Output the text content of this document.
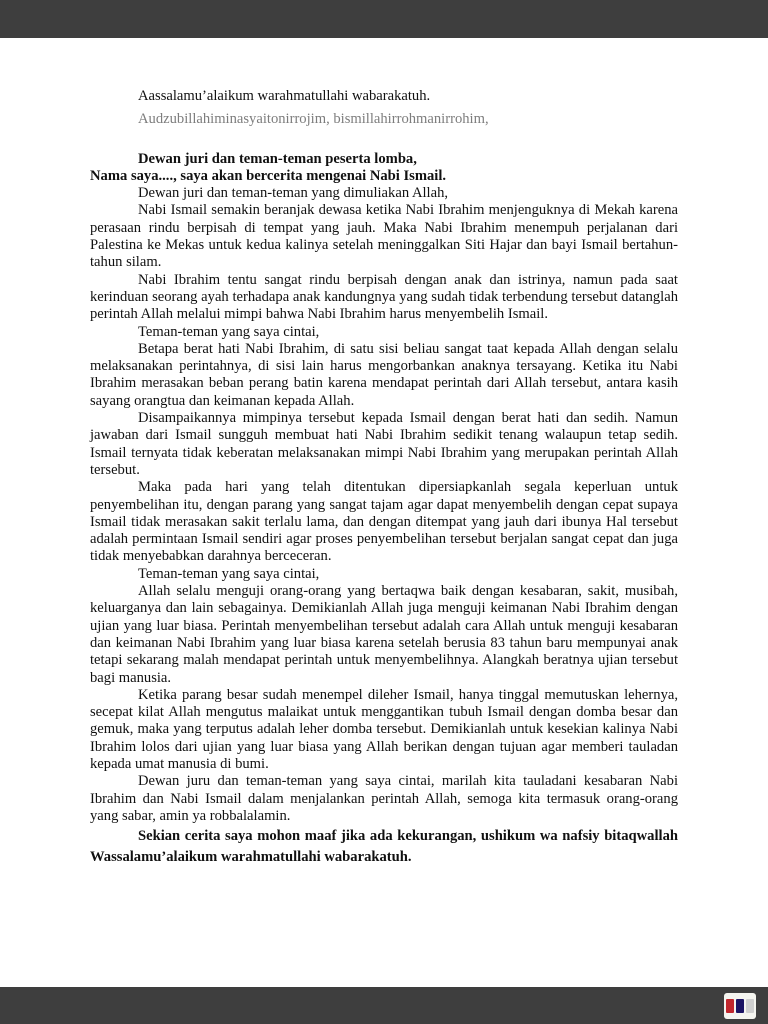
Aassalamu’alaikum warahmatullahi wabarakatuh.

Audzubillahiminasyaitonirrojim, bismillahirrohmanirrohim,

Dewan juri dan teman-teman peserta lomba,

Nama saya...., saya akan bercerita mengenai Nabi Ismail.

Dewan juri dan teman-teman yang dimuliakan Allah,

Nabi Ismail semakin beranjak dewasa ketika Nabi Ibrahim menjenguknya di Mekah karena perasaan rindu berpisah di tempat yang jauh. Maka Nabi Ibrahim menempuh perjalanan dari Palestina ke Mekas untuk kedua kalinya setelah meninggalkan Siti Hajar dan bayi Ismail bertahun-tahun silam.

Nabi Ibrahim tentu sangat rindu berpisah dengan anak dan istrinya, namun pada saat kerinduan seorang ayah terhadapa anak kandungnya yang sudah tidak terbendung tersebut datanglah perintah Allah melalui mimpi bahwa Nabi Ibrahim harus menyembelih Ismail.

Teman-teman yang saya cintai,

Betapa berat hati Nabi Ibrahim, di satu sisi beliau sangat taat kepada Allah dengan selalu melaksanakan perintahnya, di sisi lain harus mengorbankan anaknya tersayang. Ketika itu Nabi Ibrahim merasakan beban perang batin karena mendapat perintah dari Allah tersebut, antara kasih sayang orangtua dan keimanan kepada Allah.

Disampaikannya mimpinya tersebut kepada Ismail dengan berat hati dan sedih. Namun jawaban dari Ismail sungguh membuat hati Nabi Ibrahim sedikit tenang walaupun tetap sedih. Ismail ternyata tidak keberatan melaksanakan mimpi Nabi Ibrahim yang merupakan perintah Allah tersebut.

Maka pada hari yang telah ditentukan dipersiapkanlah segala keperluan untuk penyembelihan itu, dengan parang yang sangat tajam agar dapat menyembelih dengan cepat supaya Ismail tidak merasakan sakit terlalu lama, dan dengan ditempat yang jauh dari ibunya Hal tersebut adalah permintaan Ismail sendiri agar proses penyembelihan tersebut berjalan sangat cepat dan juga tidak menyebabkan darahnya berceceran.

Teman-teman yang saya cintai,

Allah selalu menguji orang-orang yang bertaqwa baik dengan kesabaran, sakit, musibah, keluarganya dan lain sebagainya. Demikianlah Allah juga menguji keimanan Nabi Ibrahim dengan ujian yang luar biasa. Perintah menyembelihan tersebut adalah cara Allah untuk menguji kesabaran dan keimanan Nabi Ibrahim yang luar biasa karena setelah berusia 83 tahun baru mempunyai anak tetapi sekarang malah mendapat perintah untuk menyembelihnya. Alangkah beratnya ujian tersebut bagi manusia.

Ketika parang besar sudah menempel dileher Ismail, hanya tinggal memutuskan lehernya, secepat kilat Allah mengutus malaikat untuk menggantikan tubuh Ismail dengan domba besar dan gemuk, maka yang terputus adalah leher domba tersebut. Demikianlah untuk kesekian kalinya Nabi Ibrahim lolos dari ujian yang luar biasa yang Allah berikan dengan tujuan agar memberi tauladan kepada umat manusia di bumi.

Dewan juru dan teman-teman yang saya cintai, marilah kita tauladani kesabaran Nabi Ibrahim dan Nabi Ismail dalam menjalankan perintah Allah, semoga kita termasuk orang-orang yang sabar, amin ya robbalalamin.

Sekian cerita saya mohon maaf jika ada kekurangan, ushikum wa nafsiy bitaqwallah Wassalamu’alaikum warahmatullahi wabarakatuh.
